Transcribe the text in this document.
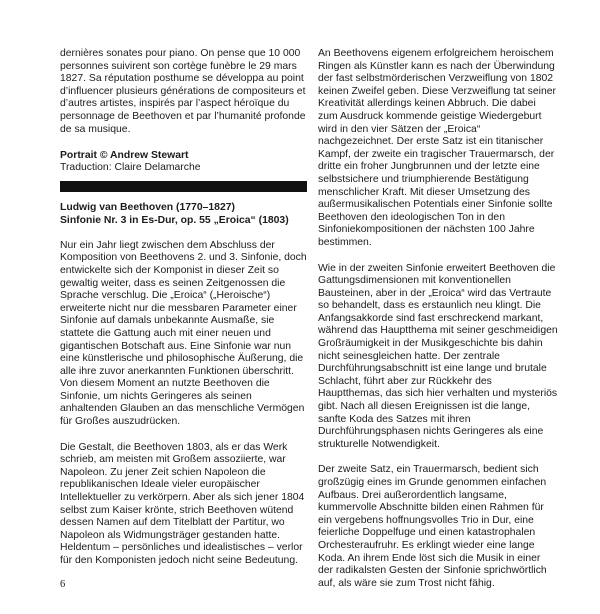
dernières sonates pour piano. On pense que 10 000 personnes suivirent son cortège funèbre le 29 mars 1827. Sa réputation posthume se développa au point d’influencer plusieurs générations de compositeurs et d’autres artistes, inspirés par l’aspect héroïque du personnage de Beethoven et par l’humanité profonde de sa musique.

Portrait © Andrew Stewart

Traduction: Claire Delamarche

Ludwig van Beethoven (1770–1827)

Sinfonie Nr. 3 in Es-Dur, op. 55 „Eroica“ (1803)

Nur ein Jahr liegt zwischen dem Abschluss der Komposition von Beethovens 2. und 3. Sinfonie, doch entwickelte sich der Komponist in dieser Zeit so gewaltig weiter, dass es seinen Zeitgenossen die Sprache verschlug. Die „Eroica“ („Heroische“) erweiterte nicht nur die messbaren Parameter einer Sinfonie auf damals unbekannte Ausmaße, sie stattete die Gattung auch mit einer neuen und gigantischen Botschaft aus. Eine Sinfonie war nun eine künstlerische und philosophische Äußerung, die alle ihre zuvor anerkannten Funktionen überschritt. Von diesem Moment an nutzte Beethoven die Sinfonie, um nichts Geringeres als seinen anhaltenden Glauben an das menschliche Vermögen für Großes auszudrücken.

Die Gestalt, die Beethoven 1803, als er das Werk schrieb, am meisten mit Großem assoziierte, war Napoleon. Zu jener Zeit schien Napoleon die republikanischen Ideale vieler europäischer Intellektueller zu verkörpern. Aber als sich jener 1804 selbst zum Kaiser krönte, strich Beethoven wütend dessen Namen auf dem Titelblatt der Partitur, wo Napoleon als Widmungsträger gestanden hatte. Heldentum – persönliches und idealistisches – verlor für den Komponisten jedoch nicht seine Bedeutung.

An Beethovens eigenem erfolgreichem heroischem Ringen als Künstler kann es nach der Überwindung der fast selbstmörderischen Verzweiflung von 1802 keinen Zweifel geben. Diese Verzweiflung tat seiner Kreativität allerdings keinen Abbruch. Die dabei zum Ausdruck kommende geistige Wiedergeburt wird in den vier Sätzen der „Eroica“ nachgezeichnet. Der erste Satz ist ein titanischer Kampf, der zweite ein tragischer Trauermarsch, der dritte ein froher Jungbrunnen und der letzte eine selbstsichere und triumphierende Bestätigung menschlicher Kraft. Mit dieser Umsetzung des außermusikalischen Potentials einer Sinfonie sollte Beethoven den ideologischen Ton in den Sinfoniekompositionen der nächsten 100 Jahre bestimmen.

Wie in der zweiten Sinfonie erweitert Beethoven die Gattungsdimensionen mit konventionellen Bausteinen, aber in der „Eroica“ wird das Vertraute so behandelt, dass es erstaunlich neu klingt. Die Anfangsakkorde sind fast erschreckend markant, während das Hauptthema mit seiner geschmeidigen Großräumigkeit in der Musikgeschichte bis dahin nicht seinesgleichen hatte. Der zentrale Durchführungsabschnitt ist eine lange und brutale Schlacht, führt aber zur Rückkehr des Hauptthemas, das sich hier verhalten und mysteriös gibt. Nach all diesen Ereignissen ist die lange, sanfte Koda des Satzes mit ihren Durchführungsphasen nichts Geringeres als eine strukturelle Notwendigkeit.

Der zweite Satz, ein Trauermarsch, bedient sich großzügig eines im Grunde genommen einfachen Aufbaus. Drei außerordentlich langsame, kummervolle Abschnitte bilden einen Rahmen für ein vergebens hoffnungsvolles Trio in Dur, eine feierliche Doppelfuge und einen katastrophalen Orchesteraufruhr. Es erklingt wieder eine lange Koda. An ihrem Ende löst sich die Musik in einer der radikalsten Gesten der Sinfonie sprichwörtlich auf, als wäre sie zum Trost nicht fähig.

6
